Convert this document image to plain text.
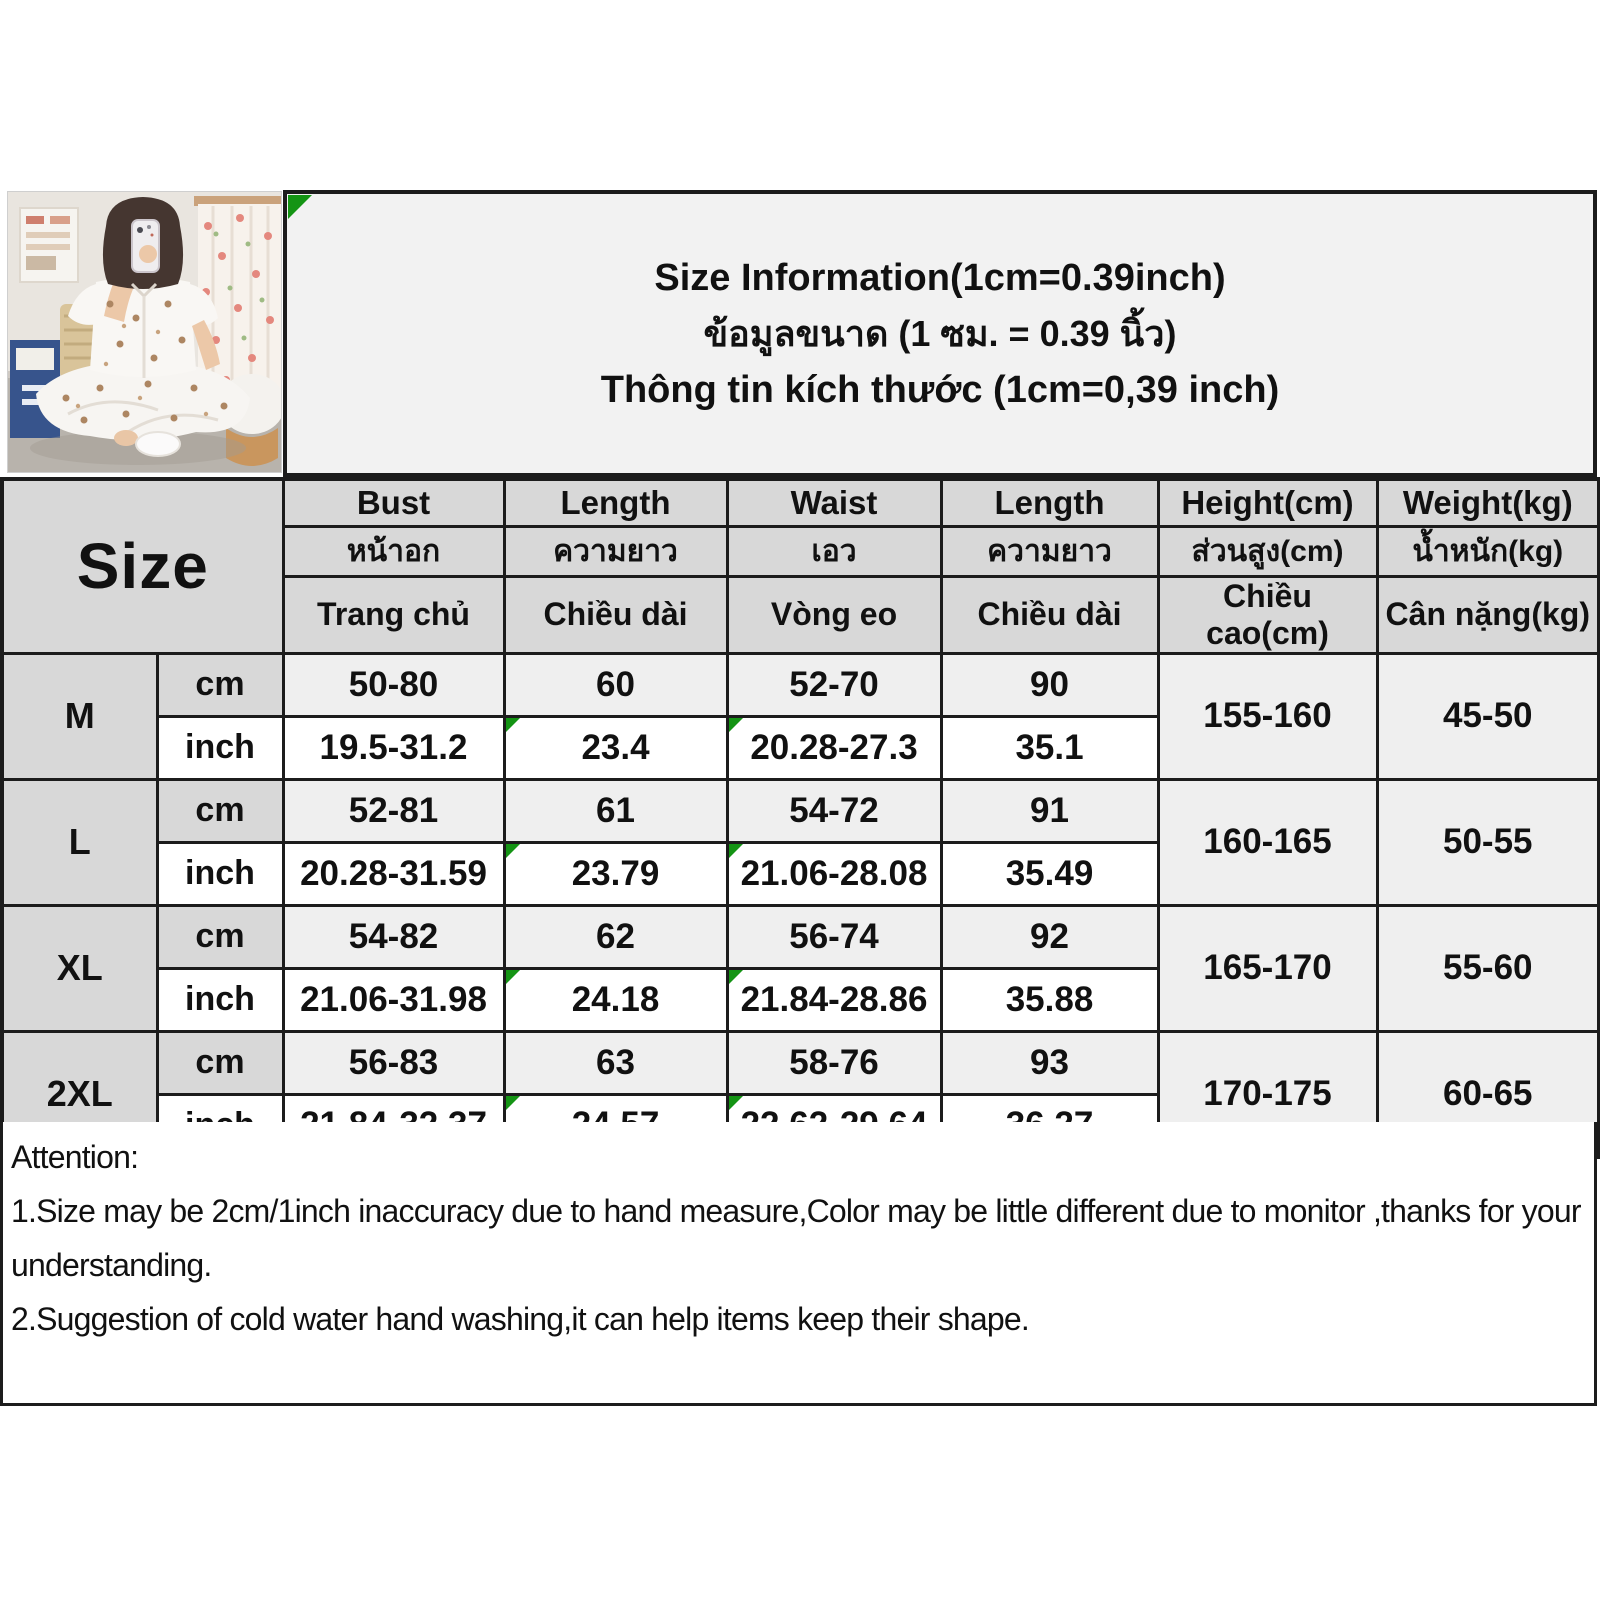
Size Information(1cm=0.39inch)
ข้อมูลขนาด (1 ซม. = 0.39 นิ้ว)
Thông tin kích thước (1cm=0,39 inch)
Size		Bust	Length	Waist	Length	Height(cm)	Weight(kg)
		หน้าอก	ความยาว	เอว	ความยาว	ส่วนสูง(cm)	น้ำหนัก(kg)
		Trang chủ	Chiều dài	Vòng eo	Chiều dài	Chiều cao(cm)	Cân nặng(kg)
M	cm	50-80	60	52-70	90	155-160	45-50
	inch	19.5-31.2	23.4	20.28-27.3	35.1		
L	cm	52-81	61	54-72	91	160-165	50-55
	inch	20.28-31.59	23.79	21.06-28.08	35.49		
XL	cm	54-82	62	56-74	92	165-170	55-60
	inch	21.06-31.98	24.18	21.84-28.86	35.88		
2XL	cm	56-83	63	58-76	93	170-175	60-65

Attention:

1.Size may be 2cm/1inch inaccuracy due to hand measure,Color may be little different due to monitor ,thanks for your understanding.

2.Suggestion of cold water hand washing,it can help items keep their shape.
